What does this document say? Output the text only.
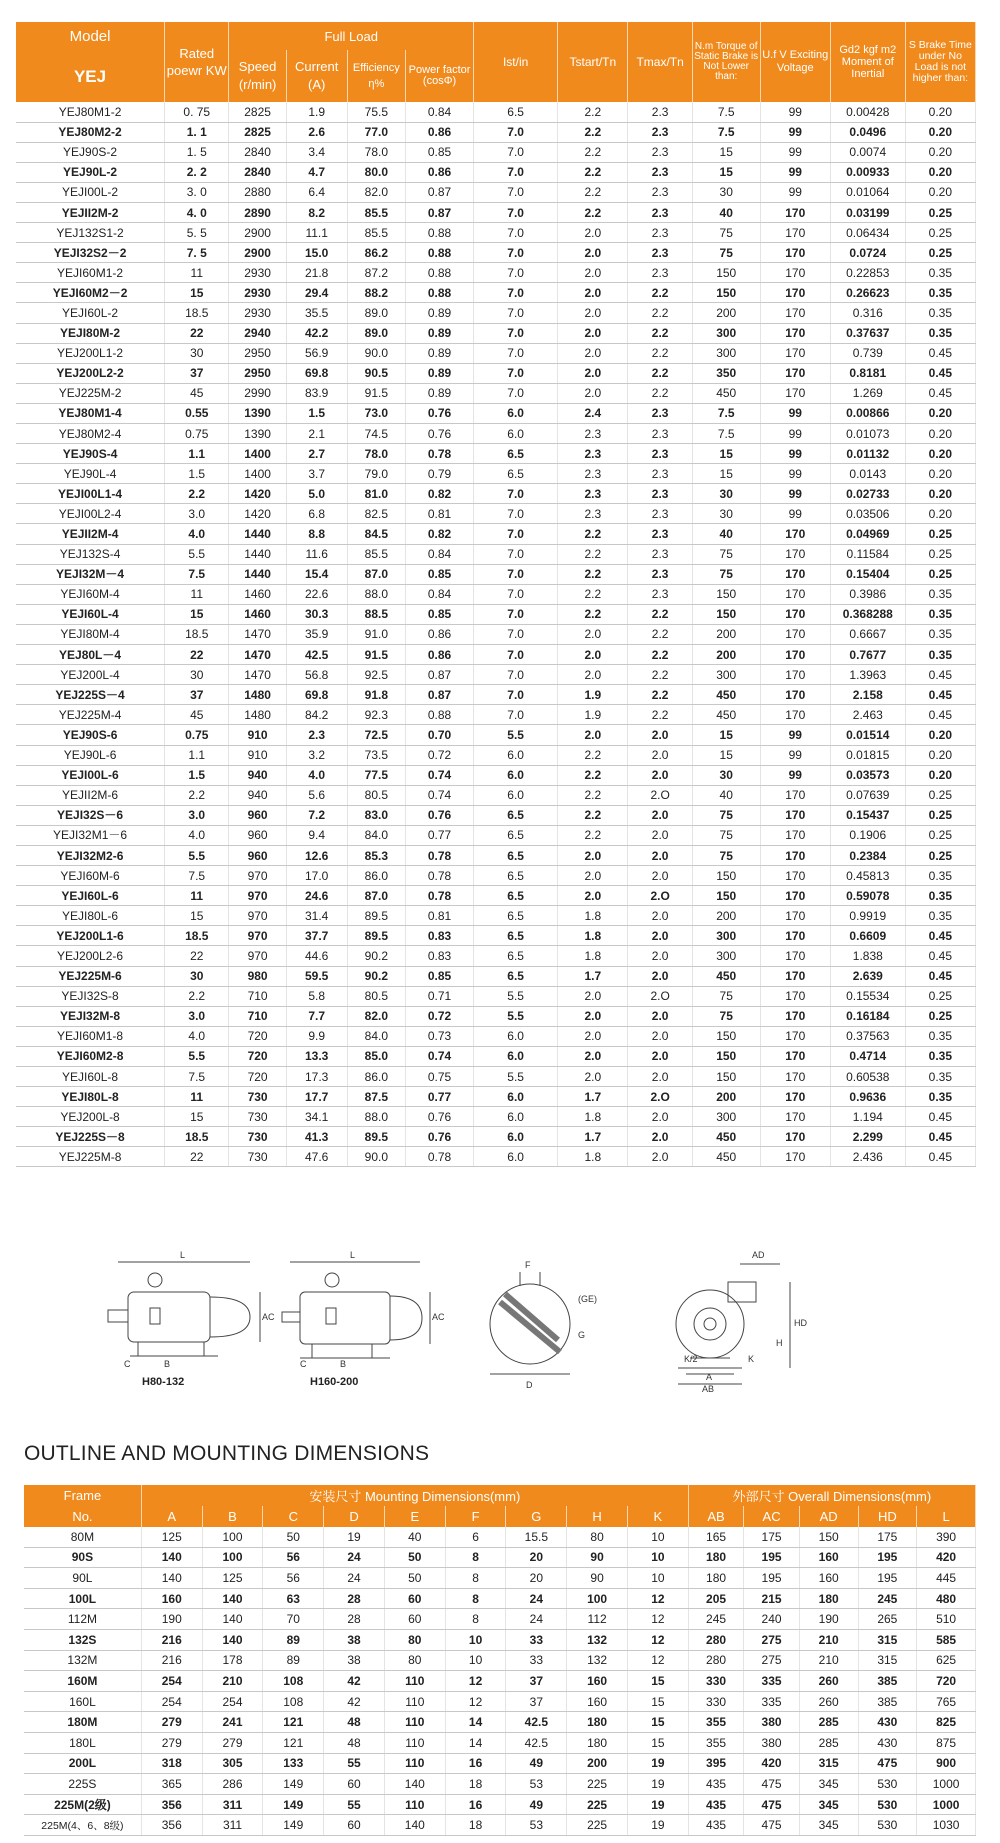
Model	Rated poewr KW	Full Load				Ist/in	Tstart/Tn	Tmax/Tn	N.m Torque of Static Brake is Not Lower than:	U.f V Exciting Voltage	Gd2 kgf m2 Moment of Inertial	S Brake Time under No Load is not higher than:
YEJ		Speed (r/min)	Current (A)	Efficiency η%	Power factor (cosΦ)							
YEJ80M1-2	0. 75	2825	1.9	75.5	0.84	6.5	2.2	2.3	7.5	99	0.00428	0.20
YEJ80M2-2	1. 1	2825	2.6	77.0	0.86	7.0	2.2	2.3	7.5	99	0.0496	0.20
YEJ90S-2	1. 5	2840	3.4	78.0	0.85	7.0	2.2	2.3	15	99	0.0074	0.20
YEJ90L-2	2. 2	2840	4.7	80.0	0.86	7.0	2.2	2.3	15	99	0.00933	0.20
YEJI00L-2	3. 0	2880	6.4	82.0	0.87	7.0	2.2	2.3	30	99	0.01064	0.20
YEJII2M-2	4. 0	2890	8.2	85.5	0.87	7.0	2.2	2.3	40	170	0.03199	0.25
YEJ132S1-2	5. 5	2900	11.1	85.5	0.88	7.0	2.0	2.3	75	170	0.06434	0.25
YEJI32S2－2	7. 5	2900	15.0	86.2	0.88	7.0	2.0	2.3	75	170	0.0724	0.25
YEJI60M1-2	11	2930	21.8	87.2	0.88	7.0	2.0	2.3	150	170	0.22853	0.35
YEJI60M2－2	15	2930	29.4	88.2	0.88	7.0	2.0	2.2	150	170	0.26623	0.35
YEJI60L-2	18.5	2930	35.5	89.0	0.89	7.0	2.0	2.2	200	170	0.316	0.35
YEJI80M-2	22	2940	42.2	89.0	0.89	7.0	2.0	2.2	300	170	0.37637	0.35
YEJ200L1-2	30	2950	56.9	90.0	0.89	7.0	2.0	2.2	300	170	0.739	0.45
YEJ200L2-2	37	2950	69.8	90.5	0.89	7.0	2.0	2.2	350	170	0.8181	0.45
YEJ225M-2	45	2990	83.9	91.5	0.89	7.0	2.0	2.2	450	170	1.269	0.45
YEJ80M1-4	0.55	1390	1.5	73.0	0.76	6.0	2.4	2.3	7.5	99	0.00866	0.20
YEJ80M2-4	0.75	1390	2.1	74.5	0.76	6.0	2.3	2.3	7.5	99	0.01073	0.20
YEJ90S-4	1.1	1400	2.7	78.0	0.78	6.5	2.3	2.3	15	99	0.01132	0.20
YEJ90L-4	1.5	1400	3.7	79.0	0.79	6.5	2.3	2.3	15	99	0.0143	0.20
YEJI00L1-4	2.2	1420	5.0	81.0	0.82	7.0	2.3	2.3	30	99	0.02733	0.20
YEJI00L2-4	3.0	1420	6.8	82.5	0.81	7.0	2.3	2.3	30	99	0.03506	0.20
YEJII2M-4	4.0	1440	8.8	84.5	0.82	7.0	2.2	2.3	40	170	0.04969	0.25
YEJ132S-4	5.5	1440	11.6	85.5	0.84	7.0	2.2	2.3	75	170	0.11584	0.25
YEJI32M－4	7.5	1440	15.4	87.0	0.85	7.0	2.2	2.3	75	170	0.15404	0.25
YEJI60M-4	11	1460	22.6	88.0	0.84	7.0	2.2	2.3	150	170	0.3986	0.35
YEJI60L-4	15	1460	30.3	88.5	0.85	7.0	2.2	2.2	150	170	0.368288	0.35
YEJI80M-4	18.5	1470	35.9	91.0	0.86	7.0	2.0	2.2	200	170	0.6667	0.35
YEJ80L－4	22	1470	42.5	91.5	0.86	7.0	2.0	2.2	200	170	0.7677	0.35
YEJ200L-4	30	1470	56.8	92.5	0.87	7.0	2.0	2.2	300	170	1.3963	0.45
YEJ225S－4	37	1480	69.8	91.8	0.87	7.0	1.9	2.2	450	170	2.158	0.45
YEJ225M-4	45	1480	84.2	92.3	0.88	7.0	1.9	2.2	450	170	2.463	0.45
YEJ90S-6	0.75	910	2.3	72.5	0.70	5.5	2.0	2.0	15	99	0.01514	0.20
YEJ90L-6	1.1	910	3.2	73.5	0.72	6.0	2.2	2.0	15	99	0.01815	0.20
YEJI00L-6	1.5	940	4.0	77.5	0.74	6.0	2.2	2.0	30	99	0.03573	0.20
YEJII2M-6	2.2	940	5.6	80.5	0.74	6.0	2.2	2.O	40	170	0.07639	0.25
YEJI32S－6	3.0	960	7.2	83.0	0.76	6.5	2.2	2.0	75	170	0.15437	0.25
YEJI32M1－6	4.0	960	9.4	84.0	0.77	6.5	2.2	2.0	75	170	0.1906	0.25
YEJI32M2-6	5.5	960	12.6	85.3	0.78	6.5	2.0	2.0	75	170	0.2384	0.25
YEJI60M-6	7.5	970	17.0	86.0	0.78	6.5	2.0	2.0	150	170	0.45813	0.35
YEJI60L-6	11	970	24.6	87.0	0.78	6.5	2.0	2.O	150	170	0.59078	0.35
YEJI80L-6	15	970	31.4	89.5	0.81	6.5	1.8	2.0	200	170	0.9919	0.35
YEJ200L1-6	18.5	970	37.7	89.5	0.83	6.5	1.8	2.0	300	170	0.6609	0.45
YEJ200L2-6	22	970	44.6	90.2	0.83	6.5	1.8	2.0	300	170	1.838	0.45
YEJ225M-6	30	980	59.5	90.2	0.85	6.5	1.7	2.0	450	170	2.639	0.45
YEJI32S-8	2.2	710	5.8	80.5	0.71	5.5	2.0	2.O	75	170	0.15534	0.25
YEJI32M-8	3.0	710	7.7	82.0	0.72	5.5	2.0	2.0	75	170	0.16184	0.25
YEJI60M1-8	4.0	720	9.9	84.0	0.73	6.0	2.0	2.0	150	170	0.37563	0.35
YEJI60M2-8	5.5	720	13.3	85.0	0.74	6.0	2.0	2.0	150	170	0.4714	0.35
YEJI60L-8	7.5	720	17.3	86.0	0.75	5.5	2.0	2.0	150	170	0.60538	0.35
YEJI80L-8	11	730	17.7	87.5	0.77	6.0	1.7	2.O	200	170	0.9636	0.35
YEJ200L-8	15	730	34.1	88.0	0.76	6.0	1.8	2.0	300	170	1.194	0.45
YEJ225S－8	18.5	730	41.3	89.5	0.76	6.0	1.7	2.0	450	170	2.299	0.45
YEJ225M-8	22	730	47.6	90.0	0.78	6.0	1.8	2.0	450	170	2.436	0.45
L
AC
C	B
H80-132
L
AC
C	B
H160-200
F
(GE)
G
D
AD
HD
H
K/2	K
A
AB
OUTLINE AND MOUNTING DIMENSIONS
Frame	安装尺寸 Mounting Dimensions(mm)									外部尺寸 Overall Dimensions(mm)				
No.	A	B	C	D	E	F	G	H	K	AB	AC	AD	HD	L
80M	125	100	50	19	40	6	15.5	80	10	165	175	150	175	390
90S	140	100	56	24	50	8	20	90	10	180	195	160	195	420
90L	140	125	56	24	50	8	20	90	10	180	195	160	195	445
100L	160	140	63	28	60	8	24	100	12	205	215	180	245	480
112M	190	140	70	28	60	8	24	112	12	245	240	190	265	510
132S	216	140	89	38	80	10	33	132	12	280	275	210	315	585
132M	216	178	89	38	80	10	33	132	12	280	275	210	315	625
160M	254	210	108	42	110	12	37	160	15	330	335	260	385	720
160L	254	254	108	42	110	12	37	160	15	330	335	260	385	765
180M	279	241	121	48	110	14	42.5	180	15	355	380	285	430	825
180L	279	279	121	48	110	14	42.5	180	15	355	380	285	430	875
200L	318	305	133	55	110	16	49	200	19	395	420	315	475	900
225S	365	286	149	60	140	18	53	225	19	435	475	345	530	1000
225M(2级)	356	311	149	55	110	16	49	225	19	435	475	345	530	1000
225M(4、6、8级)	356	311	149	60	140	18	53	225	19	435	475	345	530	1030
